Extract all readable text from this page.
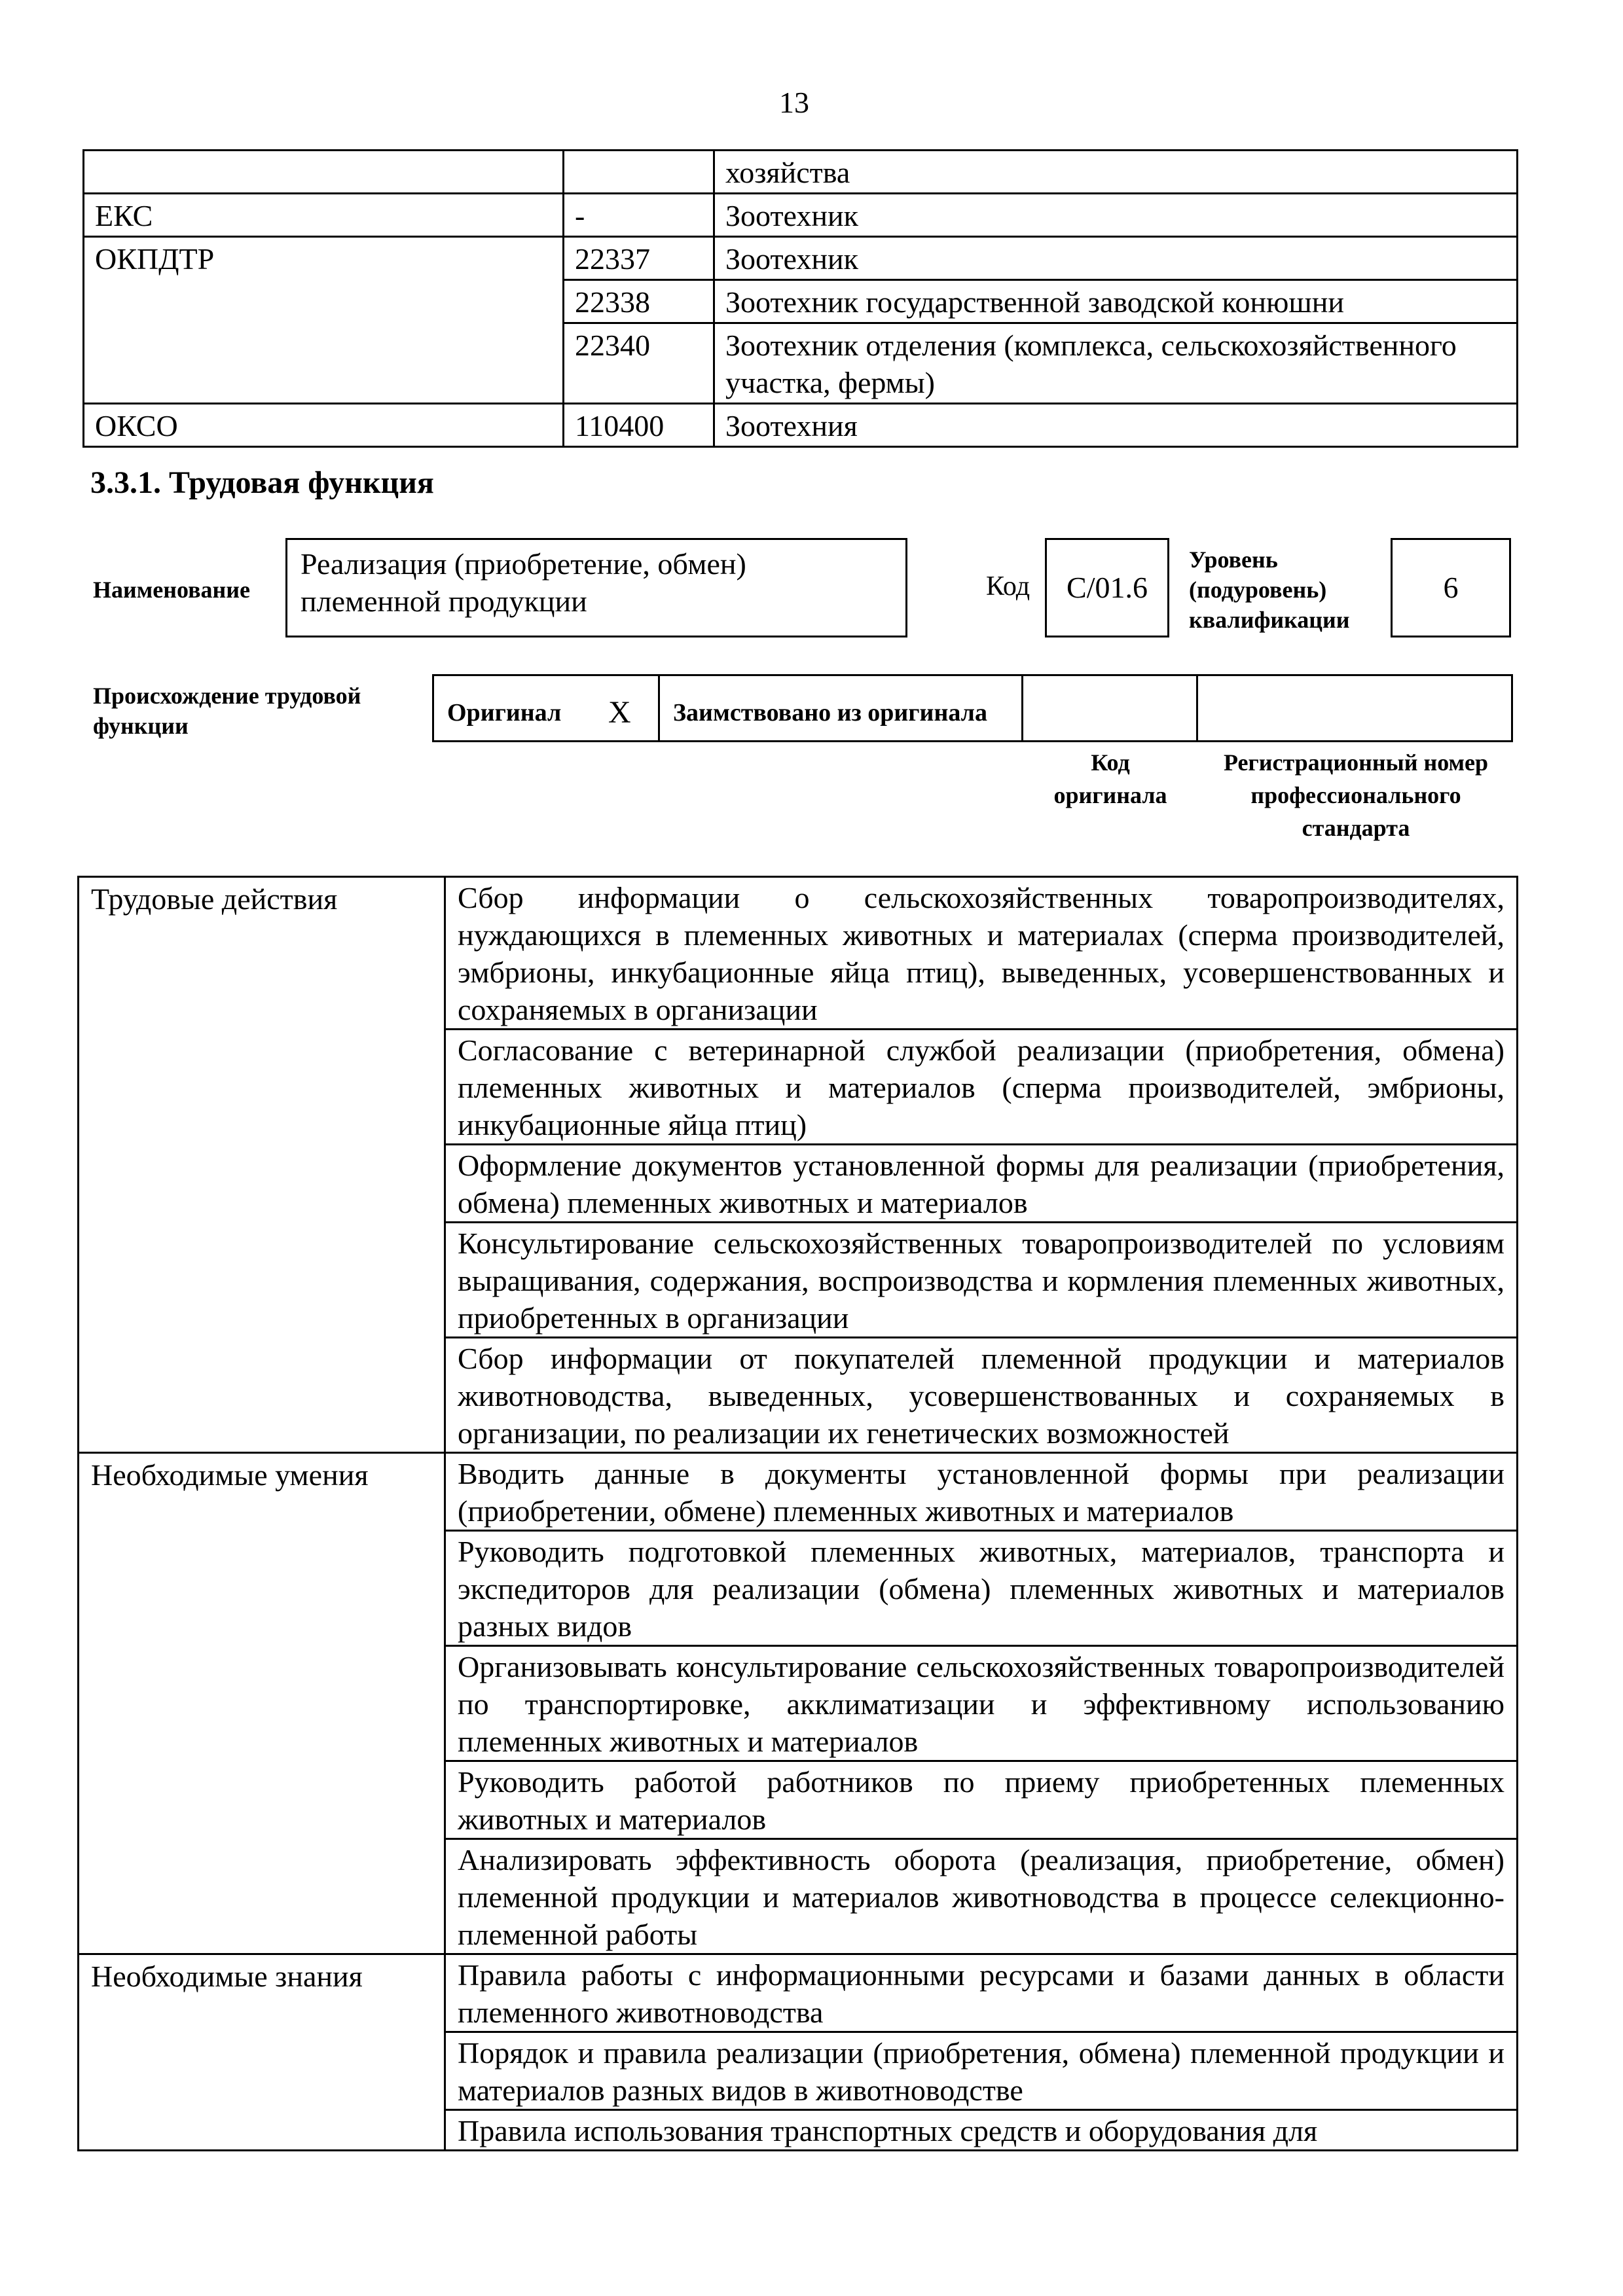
13
		хозяйства
ЕКС	-	Зоотехник
ОКПДТР	22337	Зоотехник
	22338	Зоотехник государственной заводской конюшни
	22340	Зоотехник отделения (комплекса, сельскохозяйственного участка, фермы)
ОКСО	110400	Зоотехния
3.3.1. Трудовая функция
Наименование
Реализация (приобретение, обмен) племенной продукции	Код	С/01.6
Уровень (подуровень) квалификации
6
Происхождение трудовой функции	Оригинал X	Заимствовано из оригинала
Код оригинала
Регистрационный номер профессионального стандарта
Трудовые действия	Сбор информации о сельскохозяйственных товаропроизводителях, нуждающихся в племенных животных и материалах (сперма производителей, эмбрионы, инкубационные яйца птиц), выведенных, усовершенствованных и сохраняемых в организации
	Согласование с ветеринарной службой реализации (приобретения, обмена) племенных животных и материалов (сперма производителей, эмбрионы, инкубационные яйца птиц)
	Оформление документов установленной формы для реализации (приобретения, обмена) племенных животных и материалов
	Консультирование сельскохозяйственных товаропроизводителей по условиям выращивания, содержания, воспроизводства и кормления племенных животных, приобретенных в организации
	Сбор информации от покупателей племенной продукции и материалов животноводства, выведенных, усовершенствованных и сохраняемых в организации, по реализации их генетических возможностей
Необходимые умения	Вводить данные в документы установленной формы при реализации (приобретении, обмене) племенных животных и материалов
	Руководить подготовкой племенных животных, материалов, транспорта и экспедиторов для реализации (обмена) племенных животных и материалов разных видов
	Организовывать консультирование сельскохозяйственных товаропроизводителей по транспортировке, акклиматизации и эффективному использованию племенных животных и материалов
	Руководить работой работников по приему приобретенных племенных животных и материалов
	Анализировать эффективность оборота (реализация, приобретение, обмен) племенной продукции и материалов животноводства в процессе селекционно-племенной работы
Необходимые знания	Правила работы с информационными ресурсами и базами данных в области племенного животноводства
	Порядок и правила реализации (приобретения, обмена) племенной продукции и материалов разных видов в животноводстве
	Правила использования транспортных средств и оборудования для
